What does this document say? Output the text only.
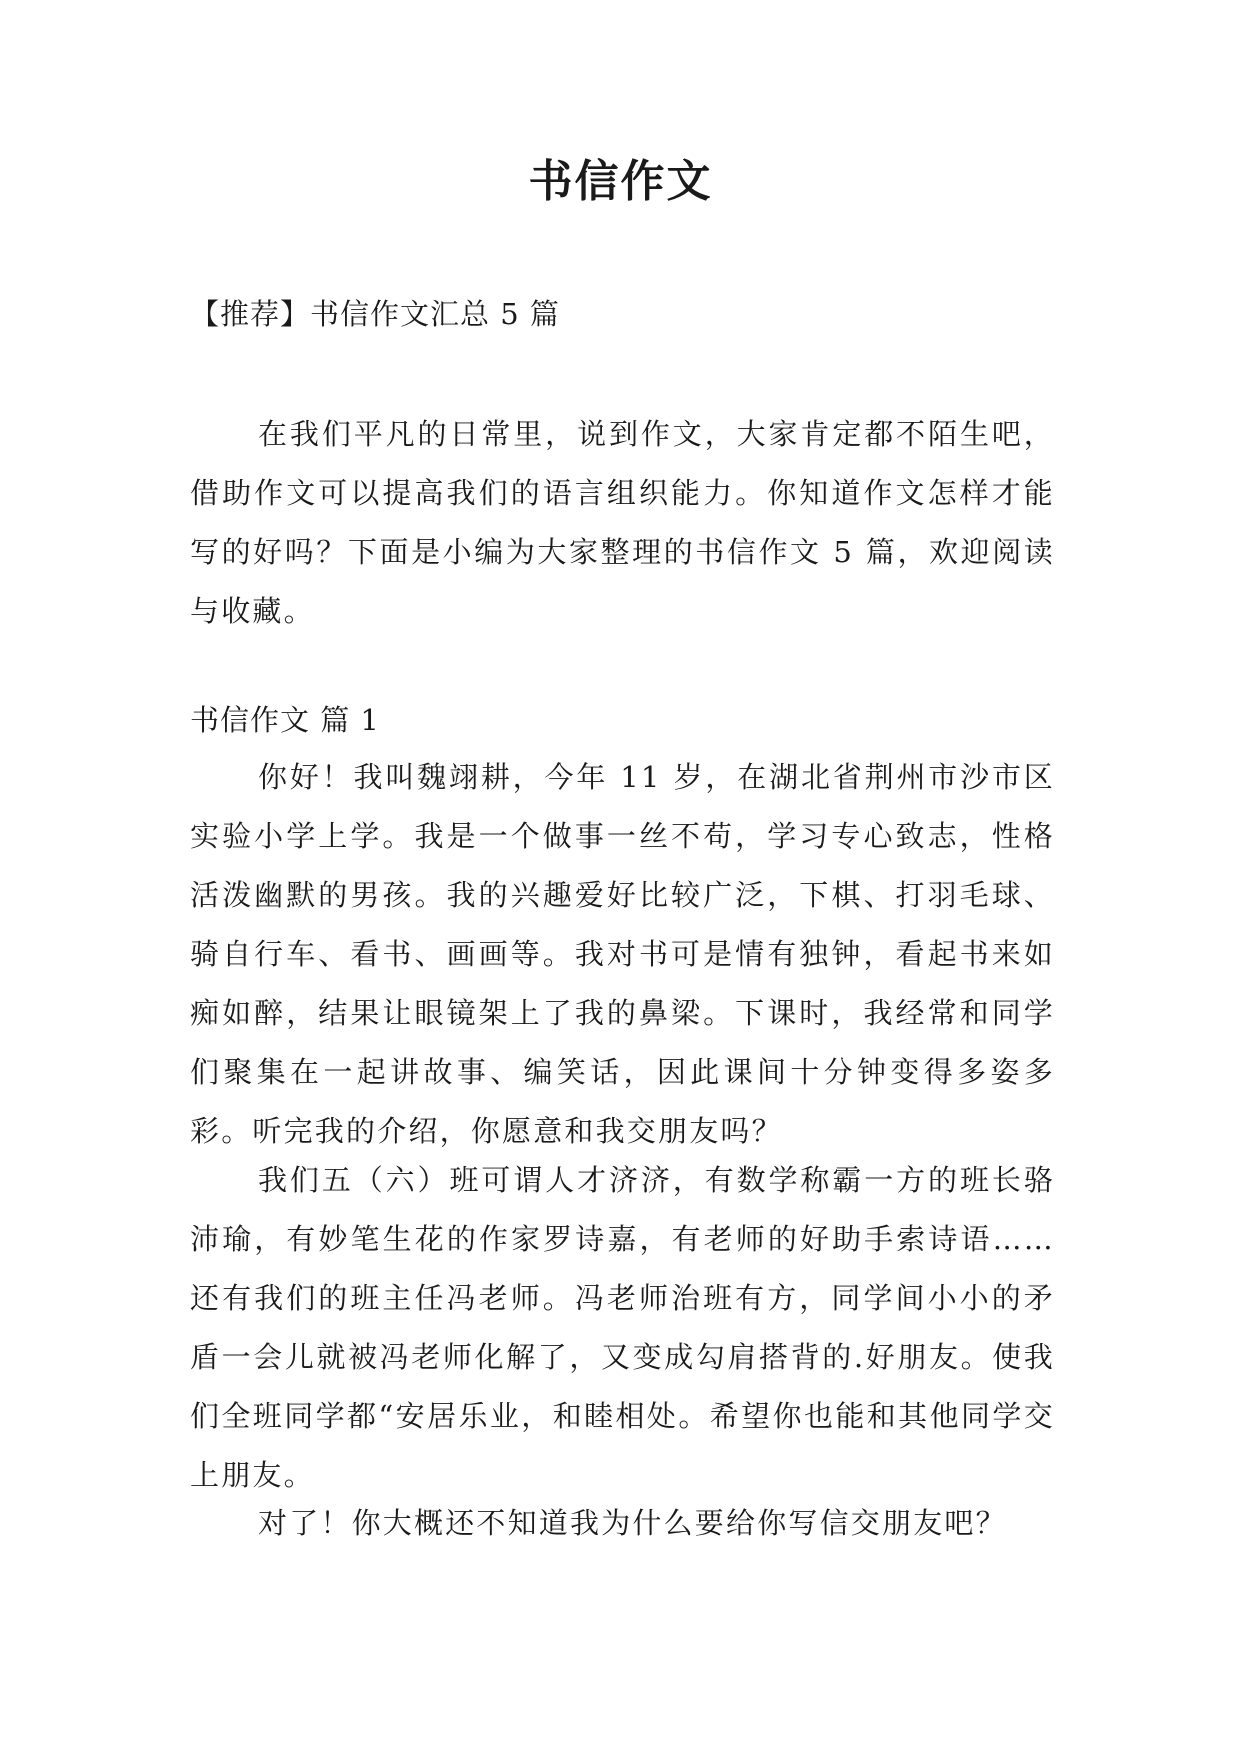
书信作文
【推荐】书信作文汇总 5 篇

在我们平凡的日常里，说到作文，大家肯定都不陌生吧，借助作文可以提高我们的语言组织能力。你知道作文怎样才能写的好吗？下面是小编为大家整理的书信作文 5 篇，欢迎阅读与收藏。

书信作文 篇 1

你好！我叫魏翊耕，今年 11 岁，在湖北省荆州市沙市区实验小学上学。我是一个做事一丝不苟，学习专心致志，性格活泼幽默的男孩。我的兴趣爱好比较广泛，下棋、打羽毛球、骑自行车、看书、画画等。我对书可是情有独钟，看起书来如痴如醉，结果让眼镜架上了我的鼻梁。下课时，我经常和同学们聚集在一起讲故事、编笑话，因此课间十分钟变得多姿多彩。听完我的介绍，你愿意和我交朋友吗？

我们五（六）班可谓人才济济，有数学称霸一方的班长骆沛瑜，有妙笔生花的作家罗诗嘉，有老师的好助手索诗语……还有我们的班主任冯老师。冯老师治班有方，同学间小小的矛盾一会儿就被冯老师化解了，又变成勾肩搭背的.好朋友。使我们全班同学都“安居乐业，和睦相处。希望你也能和其他同学交上朋友。

对了！你大概还不知道我为什么要给你写信交朋友吧？
